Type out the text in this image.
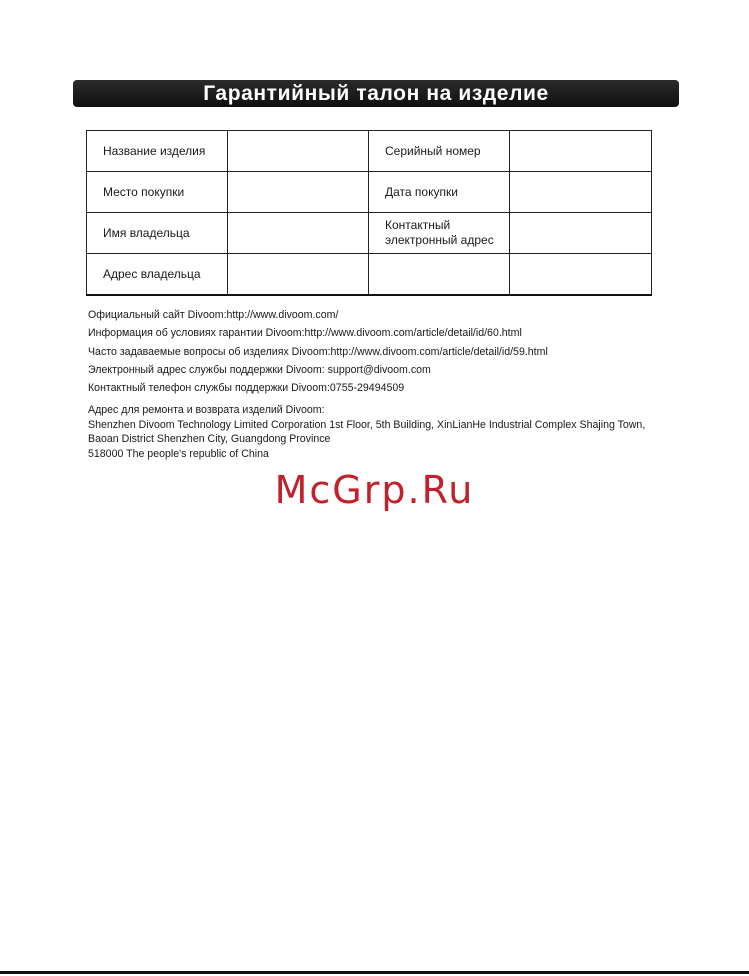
Гарантийный талон на изделие
Название изделия		Серийный номер	
Место покупки		Дата покупки	
Имя владельца		Контактный электронный адрес	
Адрес владельца			
Официальный сайт Divoom:http://www.divoom.com/
Информация об условиях гарантии Divoom:http://www.divoom.com/article/detail/id/60.html
Часто задаваемые вопросы об изделиях Divoom:http://www.divoom.com/article/detail/id/59.html
Электронный адрес службы поддержки Divoom: support@divoom.com
Контактный телефон службы поддержки Divoom:0755-29494509
Адрес для ремонта и возврата изделий Divoom:
Shenzhen Divoom Technology Limited Corporation 1st Floor, 5th Building, XinLianHe Industrial Complex Shajing Town, Baoan District Shenzhen City, Guangdong Province
518000 The people's republic of China
McGrp.Ru
